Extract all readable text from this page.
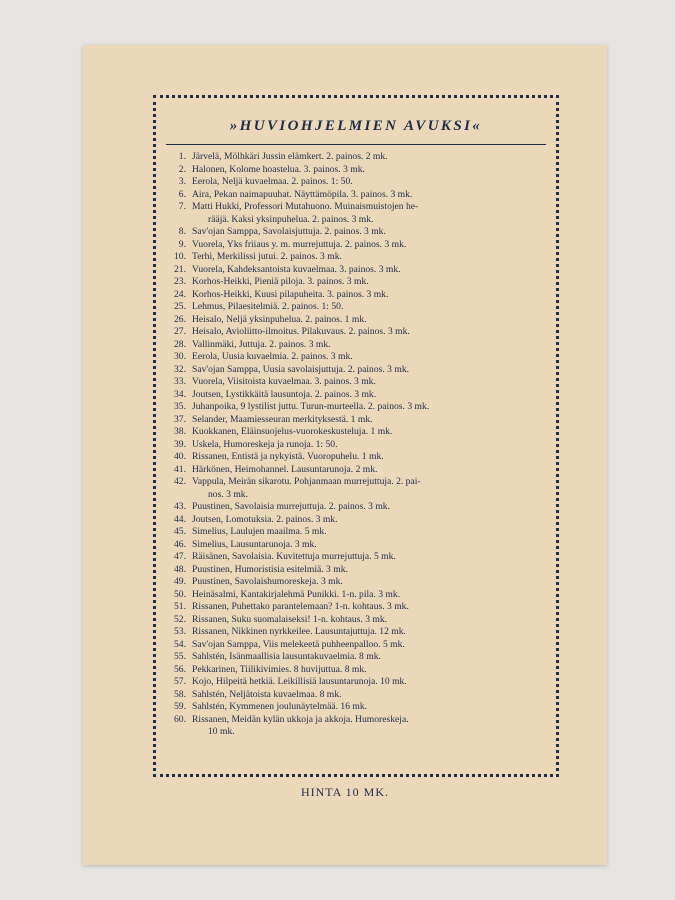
»HUVIOHJELMIEN AVUKSI«
1. Järvelä, Mölhkäri Jussin elämkert. 2. painos. 2 mk.
2. Halonen, Kolome hoastelua. 3. painos. 3 mk.
3. Eerola, Neljä kuvaelmaa. 2. painos. 1: 50.
6. Aira, Pekan naimapuuhat. Näyttämöpila. 3. painos. 3 mk.
7. Matti Hukki, Professori Mutahuono. Muinaismuistojen he-
rääjä. Kaksi yksinpuhelua. 2. painos. 3 mk.
8. Sav'ojan Samppa, Savolaisjuttuja. 2. painos. 3 mk.
9. Vuorela, Yks friiaus y. m. murrejuttuja. 2. painos. 3 mk.
10. Terhi, Merkilissi jutui. 2. painos. 3 mk.
21. Vuorela, Kahdeksantoista kuvaelmaa. 3. painos. 3 mk.
23. Korhos-Heikki, Pieniä piloja. 3. painos. 3 mk.
24. Korhos-Heikki, Kuusi pilapuheita. 3. painos. 3 mk.
25. Lehmus, Pilaesitelmiä. 2. painos. 1: 50.
26. Heisalo, Neljä yksinpuhelua. 2. painos. 1 mk.
27. Heisalo, Avioliitto-ilmoitus. Pilakuvaus. 2. painos. 3 mk.
28. Vallinmäki, Juttuja. 2. painos. 3 mk.
30. Eerola, Uusia kuvaelmia. 2. painos. 3 mk.
32. Sav'ojan Samppa, Uusia savolaisjuttuja. 2. painos. 3 mk.
33. Vuorela, Viisitoista kuvaelmaa. 3. painos. 3 mk.
34. Joutsen, Lystikkäitä lausuntoja. 2. painos. 3 mk.
35. Juhanpoika, 9 lystilist juttu. Turun-murteella. 2. painos. 3 mk.
37. Selander, Maamiesseuran merkityksestä. 1 mk.
38. Kuokkanen, Eläinsuojelus-vuorokeskusteluja. 1 mk.
39. Uskela, Humoreskeja ja runoja. 1: 50.
40. Rissanen, Entistä ja nykyistä. Vuoropuhelu. 1 mk.
41. Härkönen, Heimohannel. Lausuntarunoja. 2 mk.
42. Vappula, Meirän sikarotu. Pohjanmaan murrejuttuja. 2. pai-
nos. 3 mk.
43. Puustinen, Savolaisia murrejuttuja. 2. painos. 3 mk.
44. Joutsen, Lomotuksia. 2. painos. 3 mk.
45. Simelius, Laulujen maailma. 5 mk.
46. Simelius, Lausuntarunoja. 3 mk.
47. Räisänen, Savolaisia. Kuvitettuja murrejuttuja. 5 mk.
48. Puustinen, Humoristisia esitelmiä. 3 mk.
49. Puustinen, Savolaishumoreskeja. 3 mk.
50. Heinäsalmi, Kantakirjalehmä Punikki. 1-n. pila. 3 mk.
51. Rissanen, Puhettako parantelemaan? 1-n. kohtaus. 3 mk.
52. Rissanen, Suku suomalaiseksi! 1-n. kohtaus. 3 mk.
53. Rissanen, Nikkinen nyrkkeilee. Lausuntajuttuja. 12 mk.
54. Sav'ojan Samppa, Viis melekeetä puhheenpalloo. 5 mk.
55. Sahlstén, Isänmaallisia lausuntakuvaelmia. 8 mk.
56. Pekkarinen, Tiilikivimies. 8 huvijuttua. 8 mk.
57. Kojo, Hilpeitä hetkiä. Leikillisiä lausuntarunoja. 10 mk.
58. Sahlstén, Neljätoista kuvaelmaa. 8 mk.
59. Sahlstén, Kymmenen joulunäytelmää. 16 mk.
60. Rissanen, Meidän kylän ukkoja ja akkoja. Humoreskeja.
10 mk.
HINTA 10 MK.
